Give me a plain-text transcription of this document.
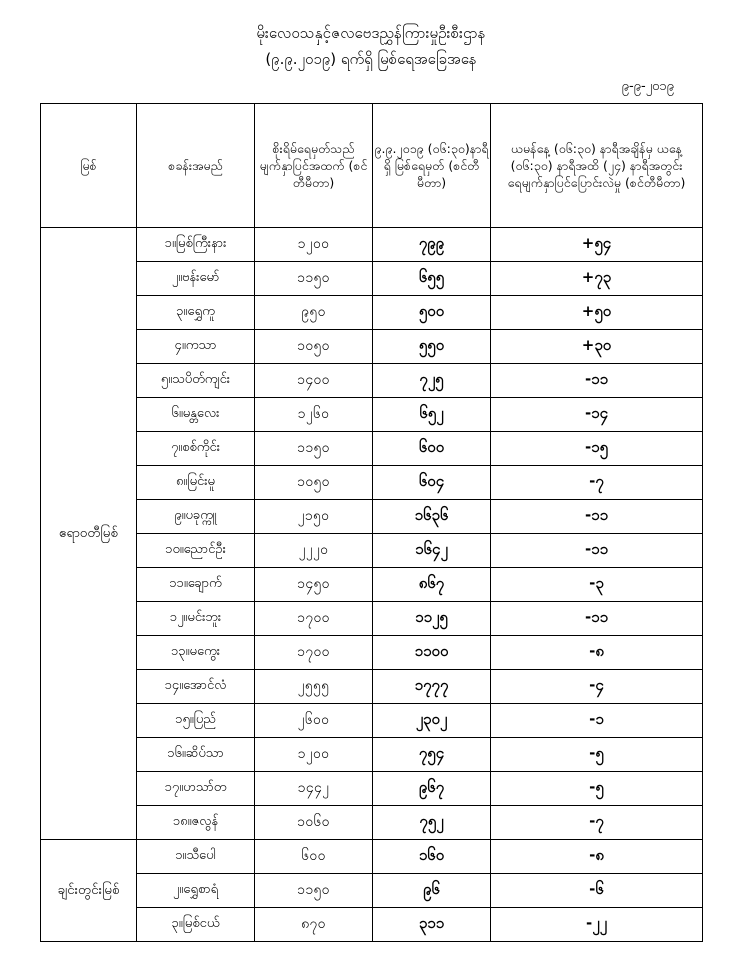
မိုးလေဝသနှင့်ဇလဗေဒညွှန်ကြားမှုဦးစီးဌာန
(၉.၉.၂၀၁၉) ရက်ရှိ မြစ်ရေအခြေအနေ
၉-၉-၂၀၁၉
မြစ်	စခန်းအမည်	စိုးရိမ်ရေမှတ်သည် မျက်နှာပြင်အထက် (စင်တီမီတာ)	၉.၉.၂၀၁၉ (၀၆:၃၀)နာရီရှိ မြစ်ရေမှတ် (စင်တီမီတာ)	ယမန်နေ့ (၀၆:၃၀) နာရီအချိန်မှ ယနေ့ (၀၆:၃၀) နာရီအထိ (၂၄) နာရီအတွင်း ရေမျက်နှာပြင်ပြောင်းလဲမှု (စင်တီမီတာ)
ဧရာဝတီမြစ်	၁။မြစ်ကြီးနား	၁၂၀၀	၇၉၉	+၅၄
	၂။ဗန်းမော်	၁၁၅၀	၆၅၅	+၇၃
	၃။ရွှေကူ	၉၅၀	၅၀၀	+၅၀
	၄။ကသာ	၁၀၅၀	၅၅၀	+၃၀
	၅။သပိတ်ကျင်း	၁၄၀၀	၇၂၅	-၁၁
	၆။မန္တလေး	၁၂၆၀	၆၅၂	-၁၄
	၇။စစ်ကိုင်း	၁၁၅၀	၆၀၀	-၁၅
	၈။မြင်းမူ	၁၀၅၀	၆၀၄	-၇
	၉။ပခုက္ကူ	၂၁၅၀	၁၆၃၆	-၁၁
	၁၀။ညောင်ဦး	၂၂၂၀	၁၆၄၂	-၁၁
	၁၁။ချောက်	၁၄၅၀	၈၆၇	-၃
	၁၂။မင်းဘူး	၁၇၀၀	၁၁၂၅	-၁၁
	၁၃။မကွေး	၁၇၀၀	၁၁၀၀	-၈
	၁၄။အောင်လံ	၂၅၅၅	၁၇၇၇	-၄
	၁၅။ပြည်	၂၆၀၀	၂၃၀၂	-၁
	၁၆။ဆိပ်သာ	၁၂၀၀	၇၅၄	-၅
	၁၇။ဟသာ်တ	၁၄၄၂	၉၆၇	-၅
	၁၈။ဇလွန်	၁၀၆၀	၇၅၂	-၇
ချင်းတွင်းမြစ်	၁။သီပေါ	၆၀၀	၁၆၀	-၈
	၂။ရွှေစာရံ	၁၁၅၀	၉၆	-၆
	၃။မြစ်ငယ်	၈၇၀	၃၁၁	-၂၂
